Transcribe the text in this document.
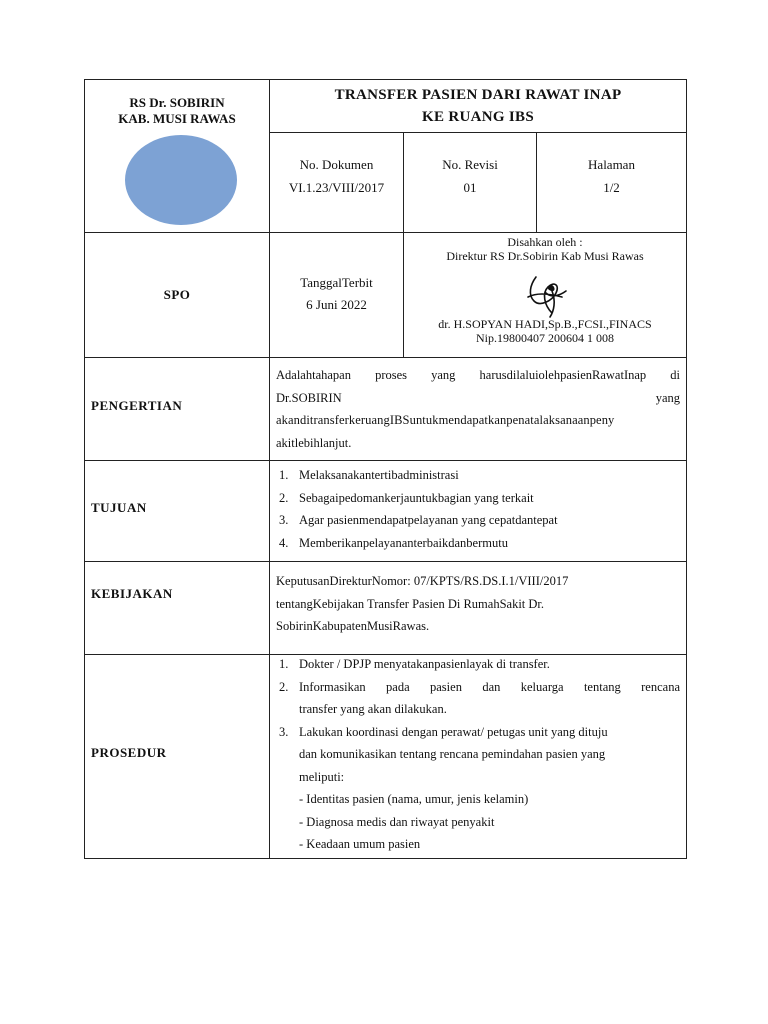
RS Dr. SOBIRIN
KAB. MUSI RAWAS
TRANSFER PASIEN DARI RAWAT INAP
KE RUANG IBS
No. Dokumen
VI.1.23/VIII/2017
No. Revisi
01
Halaman
1/2
SPO
TanggalTerbit
6 Juni 2022
Disahkan oleh :
Direktur RS Dr.Sobirin Kab Musi Rawas
dr. H.SOPYAN HADI,Sp.B.,FCSI.,FINACS
Nip.19800407 200604 1 008
PENGERTIAN
Adalahtahapan proses yang harusdilaluiolehpasienRawatInap di
Dr.SOBIRIN	yang
akanditransferkeruangIBSuntukmendapatkanpenatalaksanaanpeny
akitlebihlanjut.
TUJUAN
1. Melaksanakantertibadministrasi
2. Sebagaipedomankerjauntukbagian yang terkait
3. Agar pasienmendapatpelayanan yang cepatdantepat
4. Memberikanpelayananterbaikdanbermutu
KEBIJAKAN
KeputusanDirekturNomor: 07/KPTS/RS.DS.I.1/VIII/2017
tentangKebijakan Transfer Pasien Di RumahSakit Dr.
SobirinKabupatenMusiRawas.
PROSEDUR
1. Dokter / DPJP menyatakanpasienlayak di transfer.
2. Informasikan pada pasien dan keluarga tentang rencana
transfer yang akan dilakukan.
3. Lakukan koordinasi dengan perawat/ petugas unit yang dituju
dan komunikasikan tentang rencana pemindahan pasien yang
meliputi:
- Identitas pasien (nama, umur, jenis kelamin)
- Diagnosa medis dan riwayat penyakit
- Keadaan umum pasien
